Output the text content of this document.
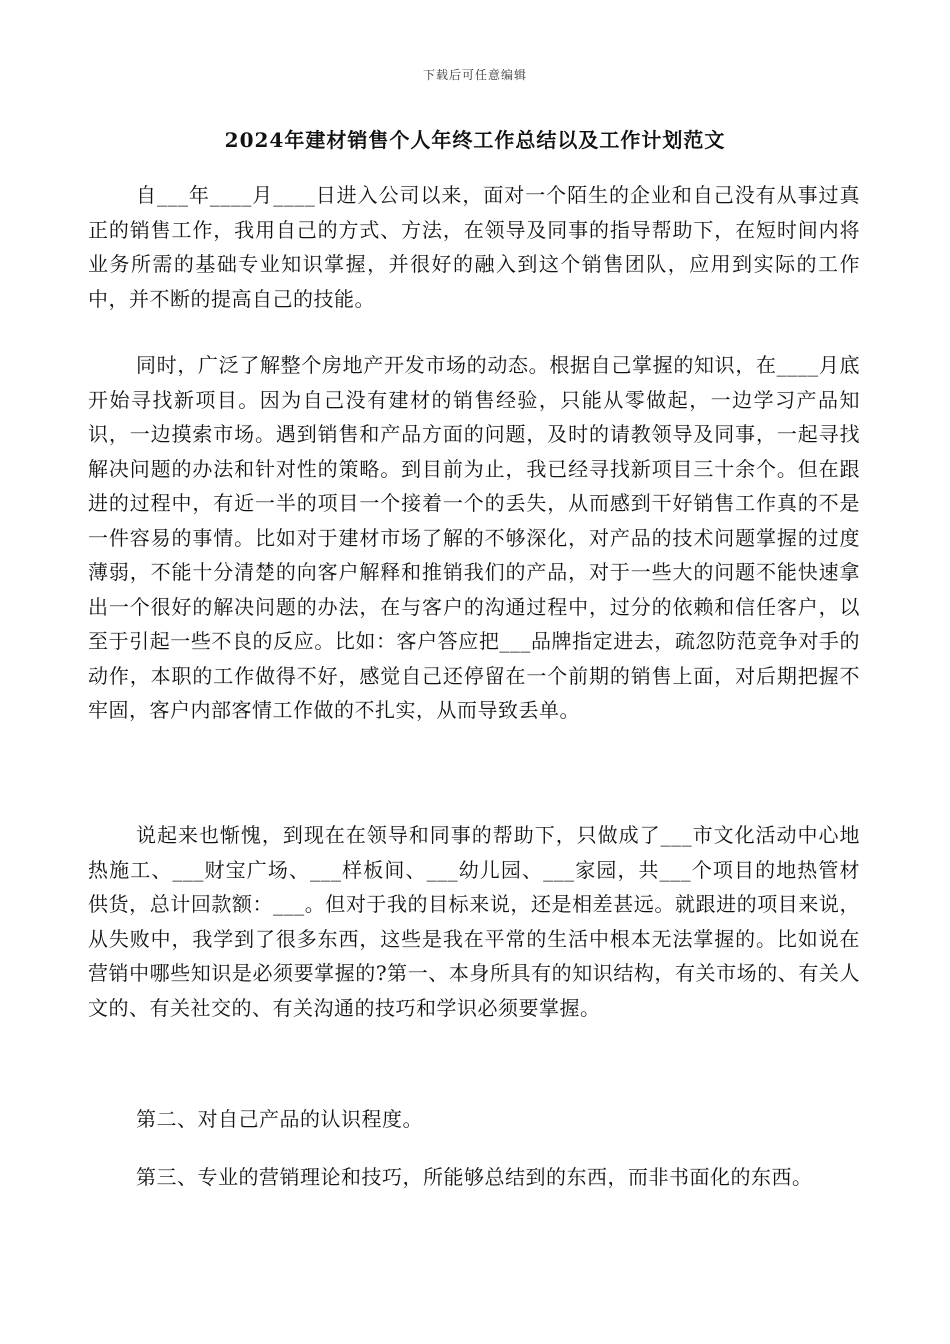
下载后可任意编辑
2024年建材销售个人年终工作总结以及工作计划范文

自___年____月____日进入公司以来，面对一个陌生的企业和自己没有从事过真正的销售工作，我用自己的方式、方法，在领导及同事的指导帮助下，在短时间内将业务所需的基础专业知识掌握，并很好的融入到这个销售团队，应用到实际的工作中，并不断的提高自己的技能。

同时，广泛了解整个房地产开发市场的动态。根据自己掌握的知识，在____月底开始寻找新项目。因为自己没有建材的销售经验，只能从零做起，一边学习产品知识，一边摸索市场。遇到销售和产品方面的问题，及时的请教领导及同事，一起寻找解决问题的办法和针对性的策略。到目前为止，我已经寻找新项目三十余个。但在跟进的过程中，有近一半的项目一个接着一个的丢失，从而感到干好销售工作真的不是一件容易的事情。比如对于建材市场了解的不够深化，对产品的技术问题掌握的过度薄弱，不能十分清楚的向客户解释和推销我们的产品，对于一些大的问题不能快速拿出一个很好的解决问题的办法，在与客户的沟通过程中，过分的依赖和信任客户，以至于引起一些不良的反应。比如：客户答应把___品牌指定进去，疏忽防范竞争对手的动作，本职的工作做得不好，感觉自己还停留在一个前期的销售上面，对后期把握不牢固，客户内部客情工作做的不扎实，从而导致丢单。

说起来也惭愧，到现在在领导和同事的帮助下，只做成了___市文化活动中心地热施工、___财宝广场、___样板间、___幼儿园、___家园，共___个项目的地热管材供货，总计回款额：___。但对于我的目标来说，还是相差甚远。就跟进的项目来说，从失败中，我学到了很多东西，这些是我在平常的生活中根本无法掌握的。比如说在营销中哪些知识是必须要掌握的?第一、本身所具有的知识结构，有关市场的、有关人文的、有关社交的、有关沟通的技巧和学识必须要掌握。

第二、对自己产品的认识程度。

第三、专业的营销理论和技巧，所能够总结到的东西，而非书面化的东西。
